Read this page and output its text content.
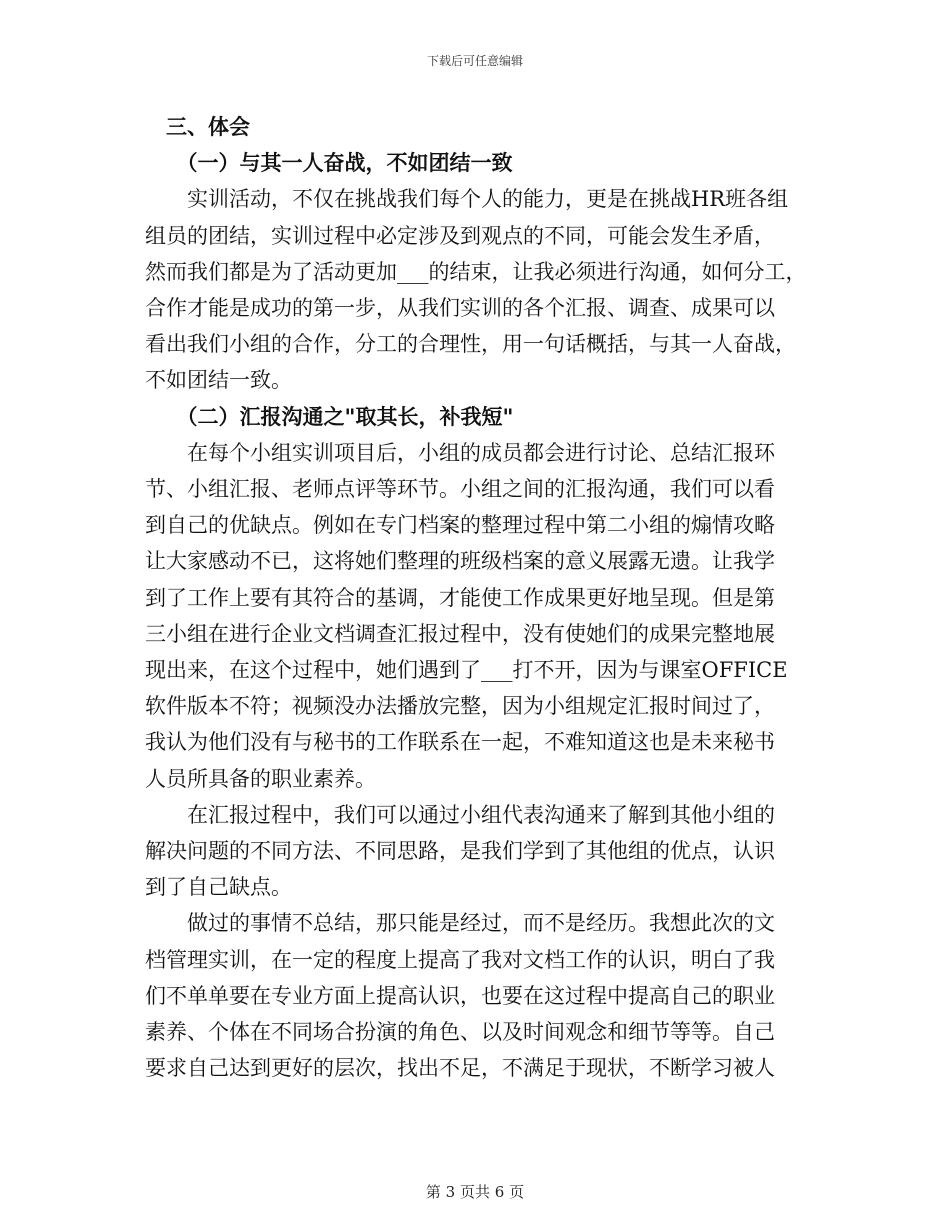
下载后可任意编辑
三、体会
（一）与其一人奋战，不如团结一致
实训活动，不仅在挑战我们每个人的能力，更是在挑战HR班各组
组员的团结，实训过程中必定涉及到观点的不同，可能会发生矛盾，
然而我们都是为了活动更加___的结束，让我必须进行沟通，如何分工，
合作才能是成功的第一步，从我们实训的各个汇报、调查、成果可以
看出我们小组的合作，分工的合理性，用一句话概括，与其一人奋战，
不如团结一致。
（二）汇报沟通之"取其长，补我短"
在每个小组实训项目后，小组的成员都会进行讨论、总结汇报环
节、小组汇报、老师点评等环节。小组之间的汇报沟通，我们可以看
到自己的优缺点。例如在专门档案的整理过程中第二小组的煽情攻略
让大家感动不已，这将她们整理的班级档案的意义展露无遗。让我学
到了工作上要有其符合的基调，才能使工作成果更好地呈现。但是第
三小组在进行企业文档调查汇报过程中，没有使她们的成果完整地展
现出来，在这个过程中，她们遇到了___打不开，因为与课室OFFICE
软件版本不符；视频没办法播放完整，因为小组规定汇报时间过了，
我认为他们没有与秘书的工作联系在一起，不难知道这也是未来秘书
人员所具备的职业素养。
在汇报过程中，我们可以通过小组代表沟通来了解到其他小组的
解决问题的不同方法、不同思路，是我们学到了其他组的优点，认识
到了自己缺点。
做过的事情不总结，那只能是经过，而不是经历。我想此次的文
档管理实训，在一定的程度上提高了我对文档工作的认识，明白了我
们不单单要在专业方面上提高认识，也要在这过程中提高自己的职业
素养、个体在不同场合扮演的角色、以及时间观念和细节等等。自己
要求自己达到更好的层次，找出不足，不满足于现状，不断学习被人
第 3 页共 6 页
